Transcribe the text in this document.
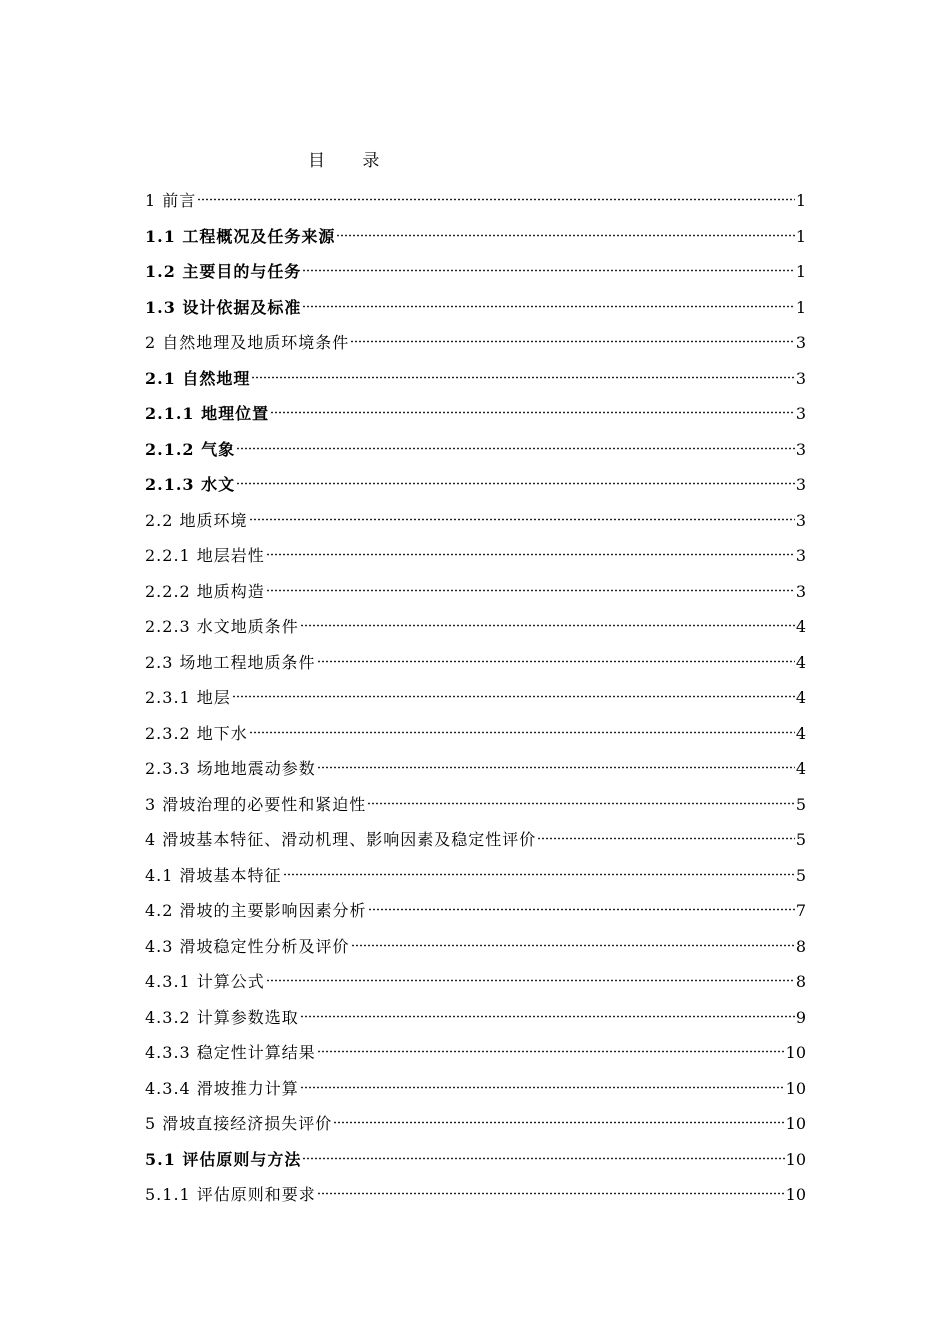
目 录
1 前言	1
1.1 工程概况及任务来源	1
1.2 主要目的与任务	1
1.3 设计依据及标准	1
2 自然地理及地质环境条件	3
2.1 自然地理	3
2.1.1 地理位置	3
2.1.2 气象	3
2.1.3 水文	3
2.2 地质环境	3
2.2.1 地层岩性	3
2.2.2 地质构造	3
2.2.3 水文地质条件	4
2.3 场地工程地质条件	4
2.3.1 地层	4
2.3.2 地下水	4
2.3.3 场地地震动参数	4
3 滑坡治理的必要性和紧迫性	5
4 滑坡基本特征、滑动机理、影响因素及稳定性评价	5
4.1 滑坡基本特征	5
4.2 滑坡的主要影响因素分析	7
4.3 滑坡稳定性分析及评价	8
4.3.1 计算公式	8
4.3.2 计算参数选取	9
4.3.3 稳定性计算结果	10
4.3.4 滑坡推力计算	10
5 滑坡直接经济损失评价	10
5.1 评估原则与方法	10
5.1.1 评估原则和要求	10
